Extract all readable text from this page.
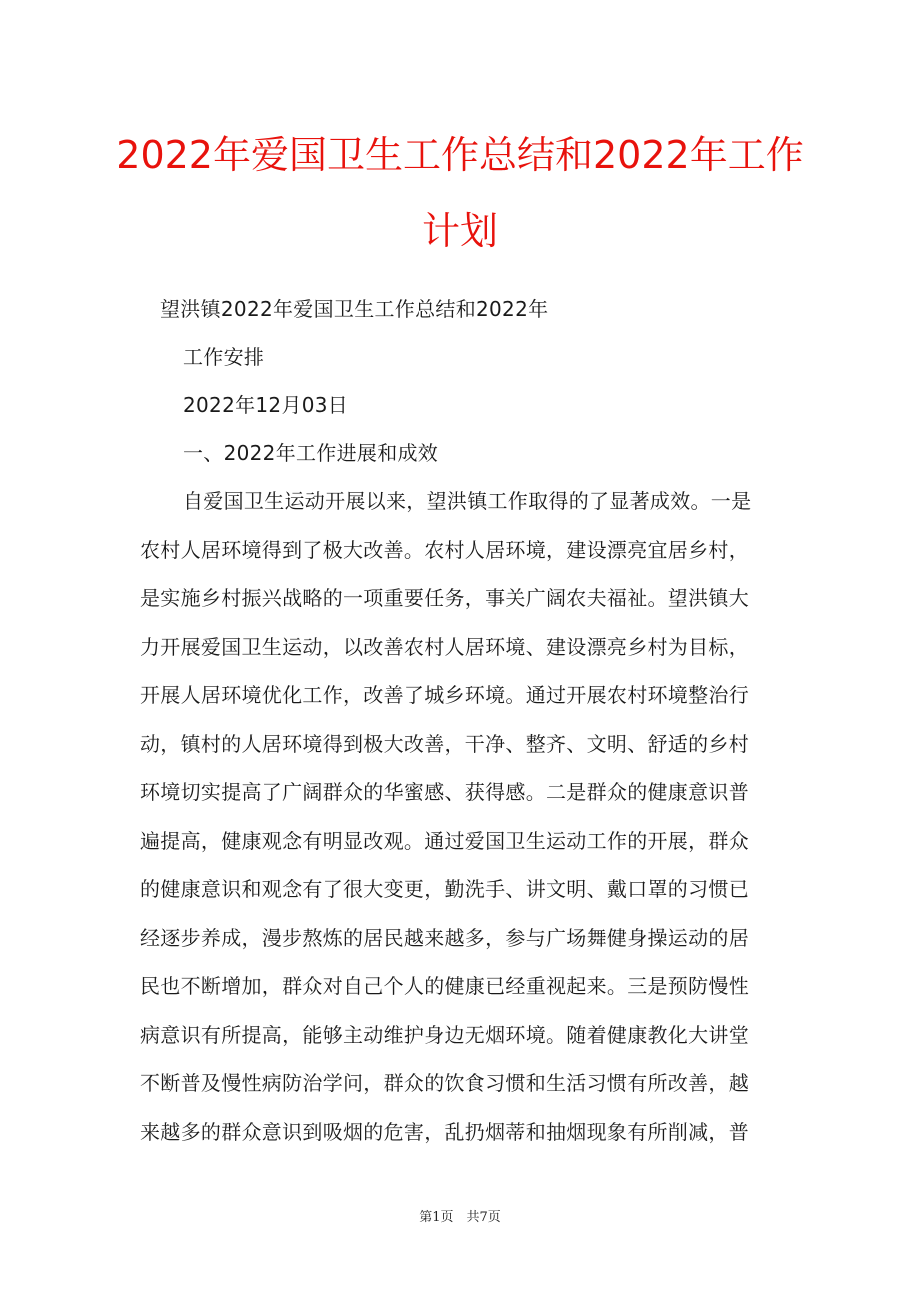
2022年爱国卫生工作总结和2022年工作
计划
望洪镇2022年爱国卫生工作总结和2022年
工作安排
2022年12月03日
一、2022年工作进展和成效
自爱国卫生运动开展以来，望洪镇工作取得的了显著成效。一是
农村人居环境得到了极大改善。农村人居环境，建设漂亮宜居乡村，
是实施乡村振兴战略的一项重要任务，事关广阔农夫福祉。望洪镇大
力开展爱国卫生运动，以改善农村人居环境、建设漂亮乡村为目标，
开展人居环境优化工作，改善了城乡环境。通过开展农村环境整治行
动，镇村的人居环境得到极大改善，干净、整齐、文明、舒适的乡村
环境切实提高了广阔群众的华蜜感、获得感。二是群众的健康意识普
遍提高，健康观念有明显改观。通过爱国卫生运动工作的开展，群众
的健康意识和观念有了很大变更，勤洗手、讲文明、戴口罩的习惯已
经逐步养成，漫步熬炼的居民越来越多，参与广场舞健身操运动的居
民也不断增加，群众对自己个人的健康已经重视起来。三是预防慢性
病意识有所提高，能够主动维护身边无烟环境。随着健康教化大讲堂
不断普及慢性病防治学问，群众的饮食习惯和生活习惯有所改善，越
来越多的群众意识到吸烟的危害，乱扔烟蒂和抽烟现象有所削减，普
第1页　共7页
